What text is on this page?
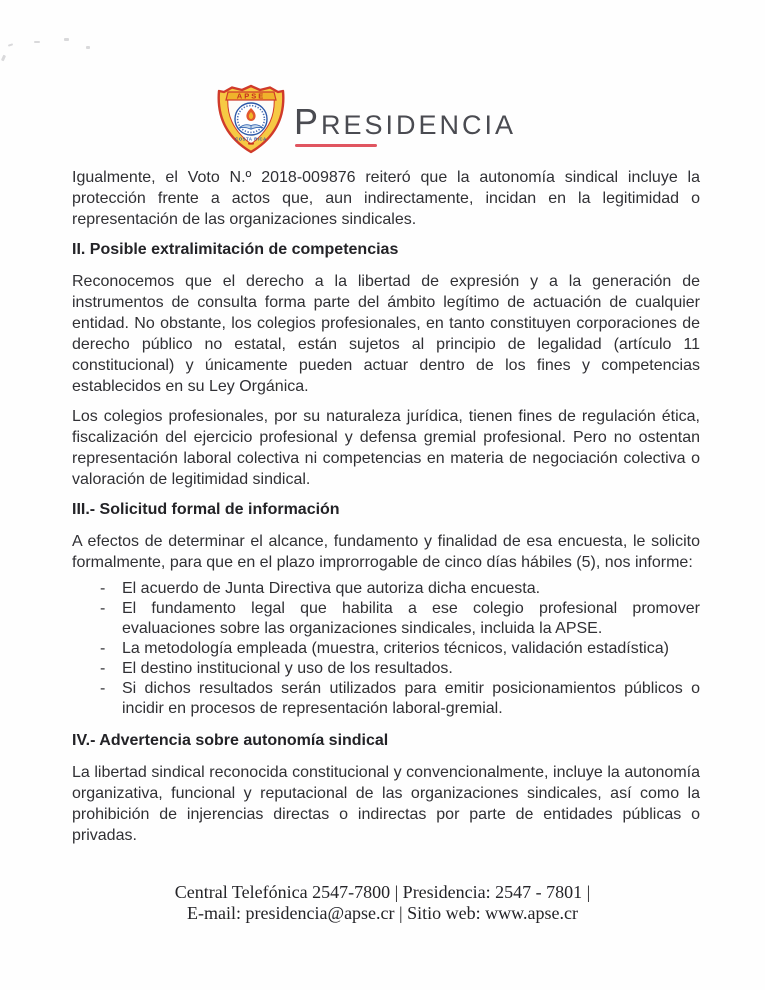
APSE
COSTA RICA PRESIDENCIA

Igualmente, el Voto N.º 2018-009876 reiteró que la autonomía sindical incluye la protección frente a actos que, aun indirectamente, incidan en la legitimidad o representación de las organizaciones sindicales.

II. Posible extralimitación de competencias

Reconocemos que el derecho a la libertad de expresión y a la generación de instrumentos de consulta forma parte del ámbito legítimo de actuación de cualquier entidad. No obstante, los colegios profesionales, en tanto constituyen corporaciones de derecho público no estatal, están sujetos al principio de legalidad (artículo 11 constitucional) y únicamente pueden actuar dentro de los fines y competencias establecidos en su Ley Orgánica.

Los colegios profesionales, por su naturaleza jurídica, tienen fines de regulación ética, fiscalización del ejercicio profesional y defensa gremial profesional. Pero no ostentan representación laboral colectiva ni competencias en materia de negociación colectiva o valoración de legitimidad sindical.

III.- Solicitud formal de información

A efectos de determinar el alcance, fundamento y finalidad de esa encuesta, le solicito formalmente, para que en el plazo improrrogable de cinco días hábiles (5), nos informe:

-	El acuerdo de Junta Directiva que autoriza dicha encuesta.
-	El fundamento legal que habilita a ese colegio profesional promover evaluaciones sobre las organizaciones sindicales, incluida la APSE.
-	La metodología empleada (muestra, criterios técnicos, validación estadística)
-	El destino institucional y uso de los resultados.
-	Si dichos resultados serán utilizados para emitir posicionamientos públicos o incidir en procesos de representación laboral-gremial.
IV.- Advertencia sobre autonomía sindical

La libertad sindical reconocida constitucional y convencionalmente, incluye la autonomía organizativa, funcional y reputacional de las organizaciones sindicales, así como la prohibición de injerencias directas o indirectas por parte de entidades públicas o privadas.

Central Telefónica 2547-7800 | Presidencia: 2547 - 7801 |
E-mail: presidencia@apse.cr | Sitio web: www.apse.cr
